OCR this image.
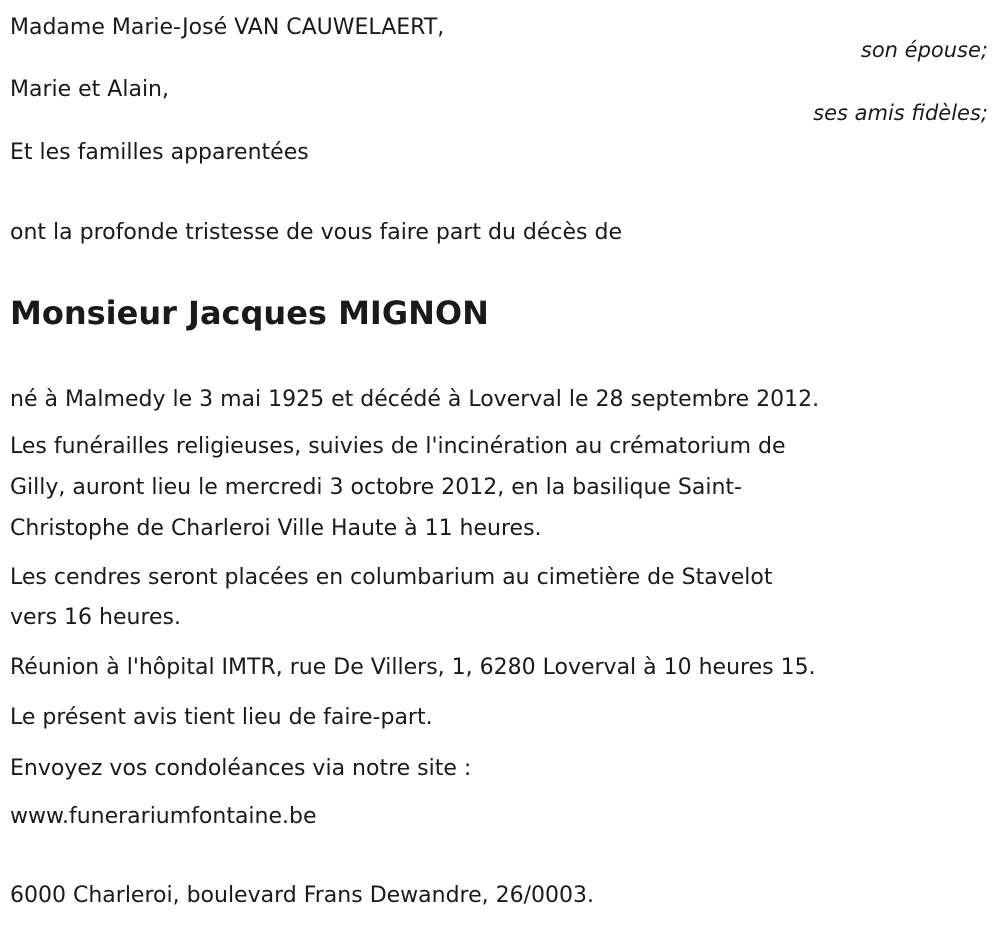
Madame Marie-José VAN CAUWELAERT,
son épouse;
Marie et Alain,
ses amis fidèles;
Et les familles apparentées
ont la profonde tristesse de vous faire part du décès de
Monsieur Jacques MIGNON
né à Malmedy le 3 mai 1925 et décédé à Loverval le 28 septembre 2012.
Les funérailles religieuses, suivies de l'incinération au crématorium de
Gilly, auront lieu le mercredi 3 octobre 2012, en la basilique Saint-
Christophe de Charleroi Ville Haute à 11 heures.
Les cendres seront placées en columbarium au cimetière de Stavelot
vers 16 heures.
Réunion à l'hôpital IMTR, rue De Villers, 1, 6280 Loverval à 10 heures 15.
Le présent avis tient lieu de faire-part.
Envoyez vos condoléances via notre site :
www.funerariumfontaine.be
6000 Charleroi, boulevard Frans Dewandre, 26/0003.
